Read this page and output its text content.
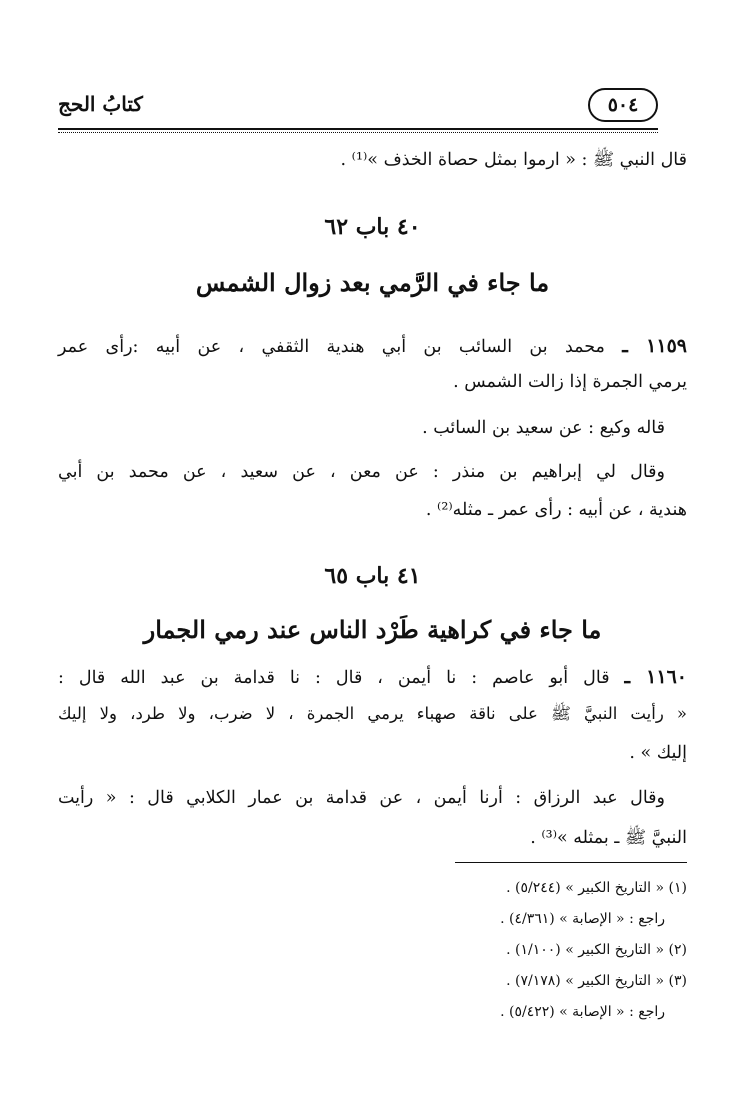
٥٠٤
كتابُ الحج
قال النبي ﷺ : « ارموا بمثل حصاة الخذف »⁽¹⁾ .
٤٠ باب ٦٢
ما جاء في الرَّمي بعد زوال الشمس
١١٥٩ ـ محمد بن السائب بن أبي هندية الثقفي ، عن أبيه :رأى عمر
يرمي الجمرة إذا زالت الشمس .
قاله وكيع : عن سعيد بن السائب .
وقال لي إبراهيم بن منذر : عن معن ، عن سعيد ، عن محمد بن أبي
هندية ، عن أبيه : رأى عمر ـ مثله⁽²⁾ .
٤١ باب ٦٥
ما جاء في كراهية طَرْد الناس عند رمي الجمار
١١٦٠ ـ قال أبو عاصم : نا أيمن ، قال : نا قدامة بن عبد الله قال :
« رأيت النبيَّ ﷺ على ناقة صهباء يرمي الجمرة ، لا ضرب، ولا طرد، ولا إليك
إليك » .
وقال عبد الرزاق : أرنا أيمن ، عن قدامة بن عمار الكلابي قال : « رأيت
النبيَّ ﷺ ـ بمثله »⁽³⁾ .
(١) « التاريخ الكبير » (٥/٢٤٤) .
راجع : « الإصابة » (٤/٣٦١) .
(٢) « التاريخ الكبير » (١/١٠٠) .
(٣) « التاريخ الكبير » (٧/١٧٨) .
راجع : « الإصابة » (٥/٤٢٢) .
